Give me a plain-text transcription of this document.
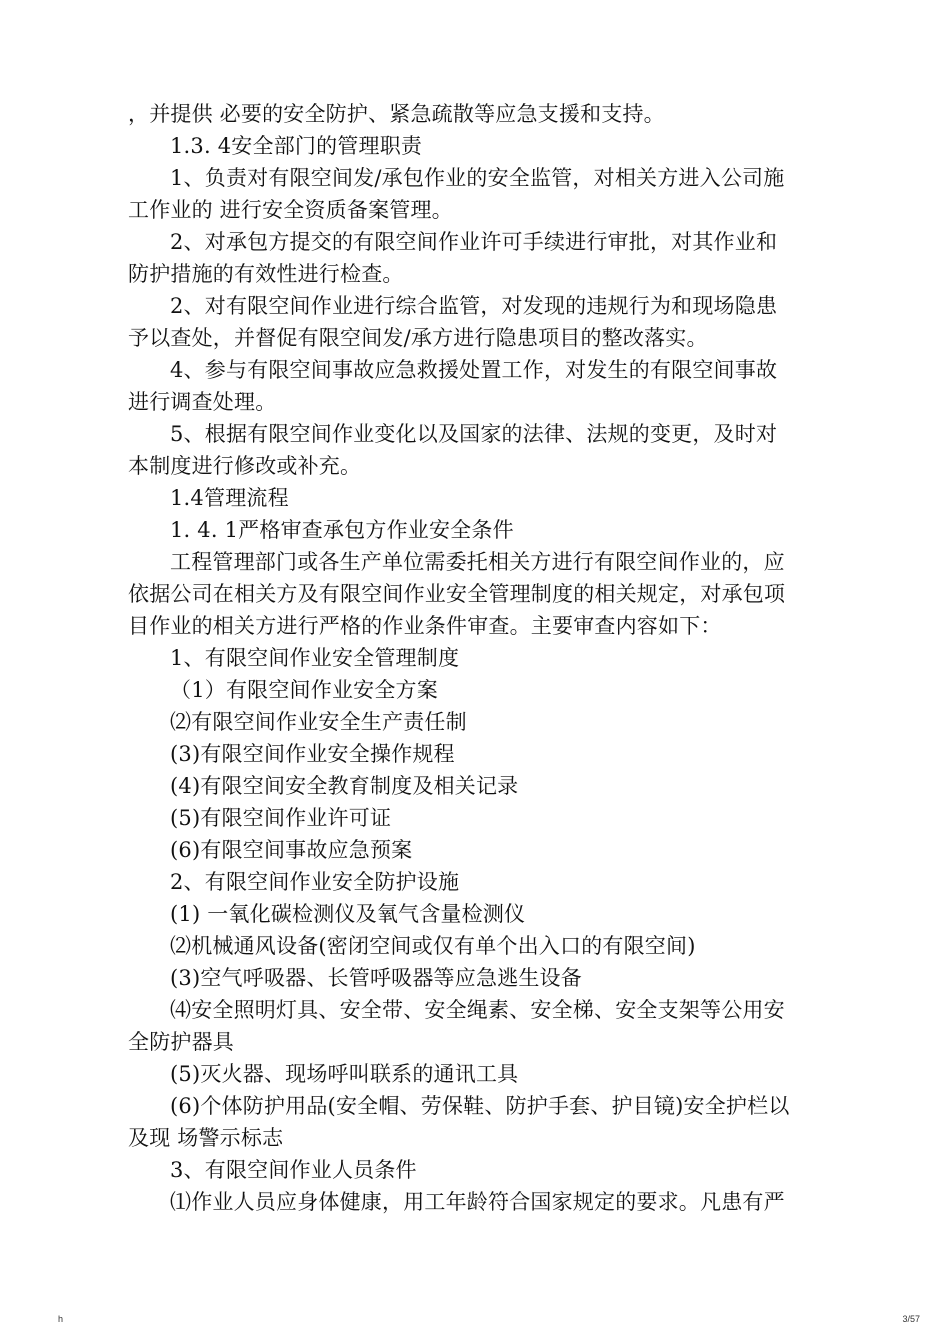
，并提供 必要的安全防护、紧急疏散等应急支援和支持。

1.3. 4安全部门的管理职责

1、负责对有限空间发/承包作业的安全监管，对相关方进入公司施

工作业的 进行安全资质备案管理。

2、对承包方提交的有限空间作业许可手续进行审批，对其作业和

防护措施的有效性进行检查。

2、对有限空间作业进行综合监管，对发现的违规行为和现场隐患

予以查处，并督促有限空间发/承方进行隐患项目的整改落实。

4、参与有限空间事故应急救援处置工作，对发生的有限空间事故

进行调查处理。

5、根据有限空间作业变化以及国家的法律、法规的变更，及时对

本制度进行修改或补充。

1.4管理流程

1. 4. 1严格审查承包方作业安全条件

工程管理部门或各生产单位需委托相关方进行有限空间作业的，应

依据公司在相关方及有限空间作业安全管理制度的相关规定，对承包项

目作业的相关方进行严格的作业条件审查。主要审查内容如下：

1、有限空间作业安全管理制度

（1）有限空间作业安全方案

⑵有限空间作业安全生产责任制

(3)有限空间作业安全操作规程

(4)有限空间安全教育制度及相关记录

(5)有限空间作业许可证

(6)有限空间事故应急预案

2、有限空间作业安全防护设施

(1) 一氧化碳检测仪及氧气含量检测仪

⑵机械通风设备(密闭空间或仅有单个出入口的有限空间)

(3)空气呼吸器、长管呼吸器等应急逃生设备

⑷安全照明灯具、安全带、安全绳素、安全梯、安全支架等公用安

全防护器具

(5)灭火器、现场呼叫联系的通讯工具

(6)个体防护用品(安全帽、劳保鞋、防护手套、护目镜)安全护栏以

及现 场警示标志

3、有限空间作业人员条件

⑴作业人员应身体健康，用工年龄符合国家规定的要求。凡患有严

h	3/57
